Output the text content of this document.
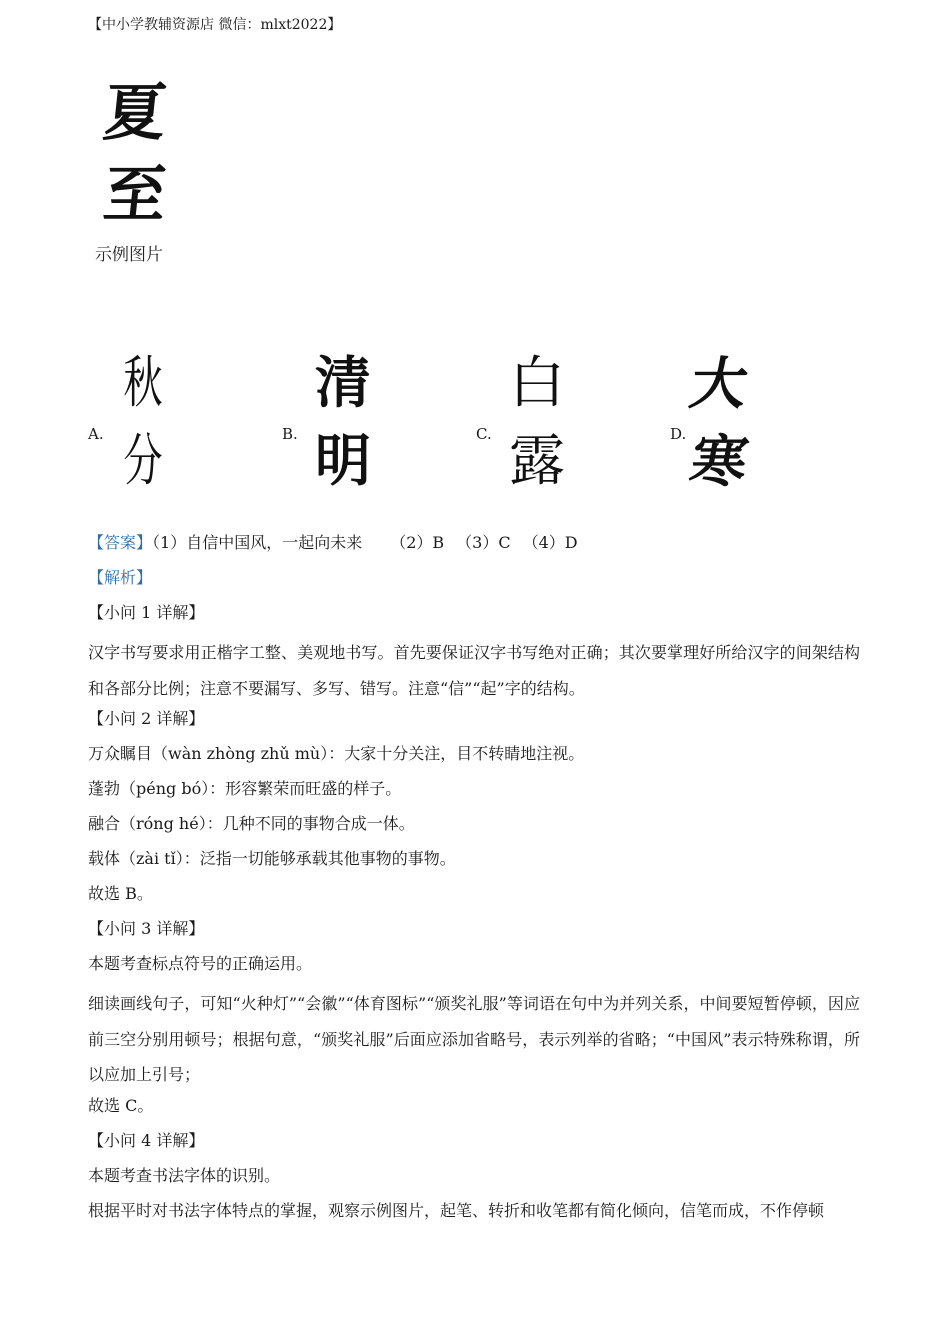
【中小学教辅资源店 微信：mlxt2022】
夏
至
示例图片
A.
秋
分	B.
清
明	C.
白
露	D.
大
寒
【答案】（1）自信中国风，一起向未来 （2）B （3）C （4）D
【解析】
【小问 1 详解】
汉字书写要求用正楷字工整、美观地书写。首先要保证汉字书写绝对正确；其次要掌理好所给汉字的间架结构和各部分比例；注意不要漏写、多写、错写。注意“信”“起”字的结构。
【小问 2 详解】
万众瞩目（wàn zhòng zhǔ mù）：大家十分关注，目不转睛地注视。
蓬勃（péng bó）：形容繁荣而旺盛的样子。
融合（róng hé）：几种不同的事物合成一体。
载体（zài tǐ）：泛指一切能够承载其他事物的事物。
故选 B。
【小问 3 详解】
本题考查标点符号的正确运用。
细读画线句子，可知“火种灯”“会徽”“体育图标”“颁奖礼服”等词语在句中为并列关系，中间要短暂停顿，因应前三空分别用顿号；根据句意，“颁奖礼服”后面应添加省略号，表示列举的省略；“中国风”表示特殊称谓，所以应加上引号；
故选 C。
【小问 4 详解】
本题考查书法字体的识别。
根据平时对书法字体特点的掌握，观察示例图片，起笔、转折和收笔都有简化倾向，信笔而成，不作停顿
